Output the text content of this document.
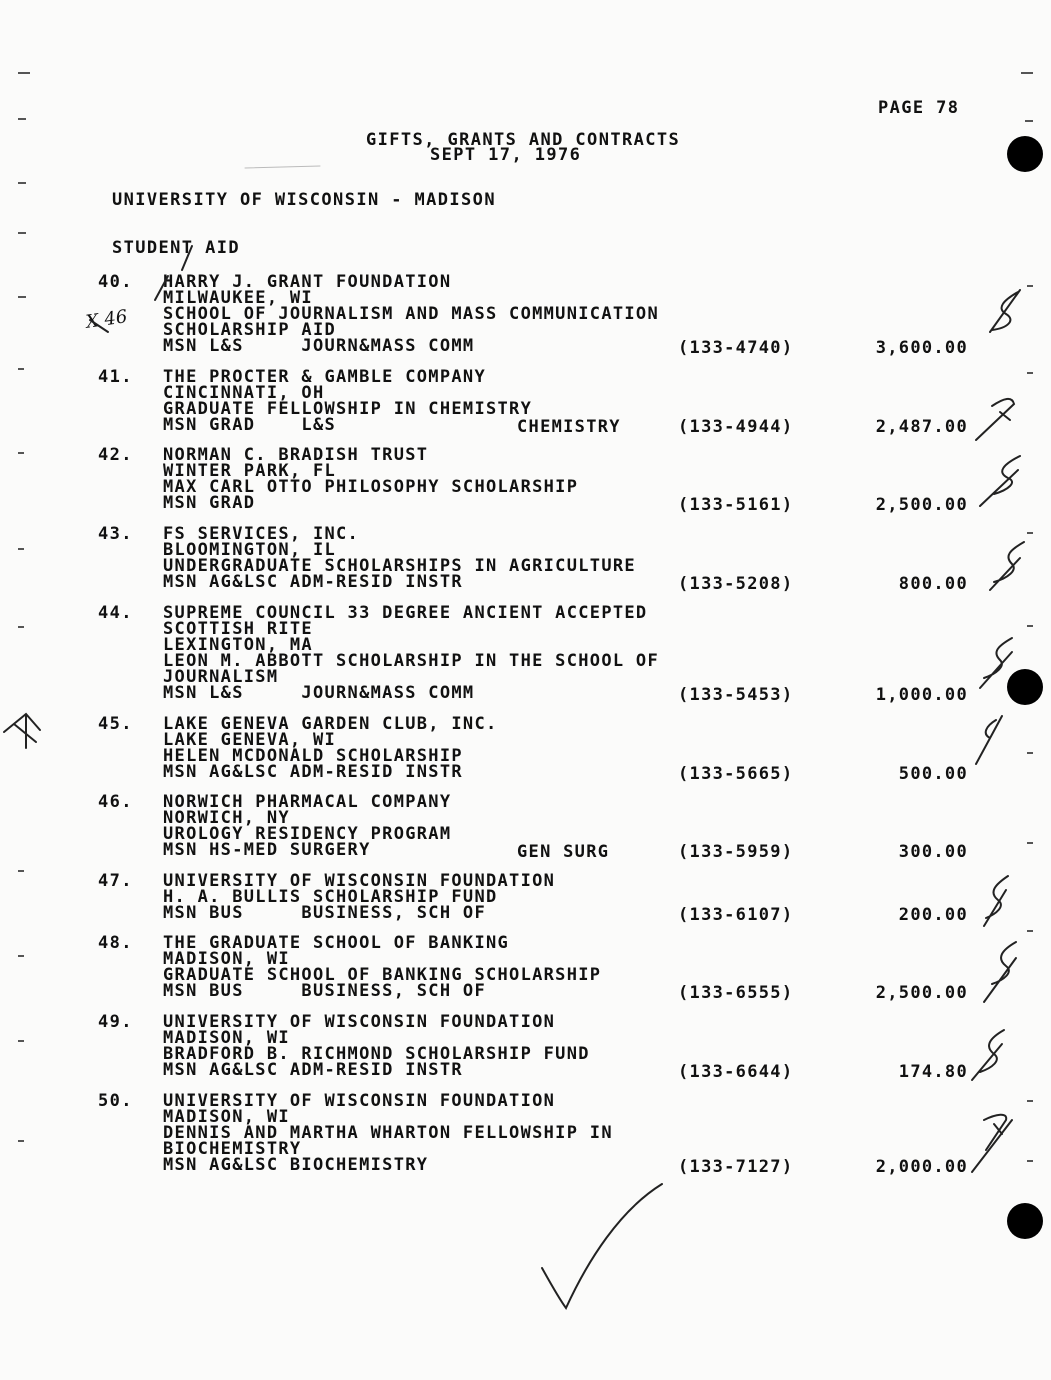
PAGE 78
GIFTS, GRANTS AND CONTRACTS
SEPT 17, 1976
UNIVERSITY OF WISCONSIN - MADISON
STUDENT AID
X 46
40. HARRY J. GRANT FOUNDATION
MILWAUKEE, WI
SCHOOL OF JOURNALISM AND MASS COMMUNICATION
SCHOLARSHIP AID
MSN L&S     JOURN&MASS COMM	(133-4740)	3,600.00
41. THE PROCTER & GAMBLE COMPANY
CINCINNATI, OH
GRADUATE FELLOWSHIP IN CHEMISTRY
MSN GRAD    L&S	CHEMISTRY	(133-4944)	2,487.00
42. NORMAN C. BRADISH TRUST
WINTER PARK, FL
MAX CARL OTTO PHILOSOPHY SCHOLARSHIP
MSN GRAD	(133-5161)	2,500.00
43. FS SERVICES, INC.
BLOOMINGTON, IL
UNDERGRADUATE SCHOLARSHIPS IN AGRICULTURE
MSN AG&LSC ADM-RESID INSTR	(133-5208)	800.00
44. SUPREME COUNCIL 33 DEGREE ANCIENT ACCEPTED
SCOTTISH RITE
LEXINGTON, MA
LEON M. ABBOTT SCHOLARSHIP IN THE SCHOOL OF
JOURNALISM
MSN L&S     JOURN&MASS COMM	(133-5453)	1,000.00
45. LAKE GENEVA GARDEN CLUB, INC.
LAKE GENEVA, WI
HELEN MCDONALD SCHOLARSHIP
MSN AG&LSC ADM-RESID INSTR	(133-5665)	500.00
46. NORWICH PHARMACAL COMPANY
NORWICH, NY
UROLOGY RESIDENCY PROGRAM
MSN HS-MED SURGERY	GEN SURG	(133-5959)	300.00
47. UNIVERSITY OF WISCONSIN FOUNDATION
H. A. BULLIS SCHOLARSHIP FUND
MSN BUS     BUSINESS, SCH OF	(133-6107)	200.00
48. THE GRADUATE SCHOOL OF BANKING
MADISON, WI
GRADUATE SCHOOL OF BANKING SCHOLARSHIP
MSN BUS     BUSINESS, SCH OF	(133-6555)	2,500.00
49. UNIVERSITY OF WISCONSIN FOUNDATION
MADISON, WI
BRADFORD B. RICHMOND SCHOLARSHIP FUND
MSN AG&LSC ADM-RESID INSTR	(133-6644)	174.80
50. UNIVERSITY OF WISCONSIN FOUNDATION
MADISON, WI
DENNIS AND MARTHA WHARTON FELLOWSHIP IN
BIOCHEMISTRY
MSN AG&LSC BIOCHEMISTRY	(133-7127)	2,000.00
